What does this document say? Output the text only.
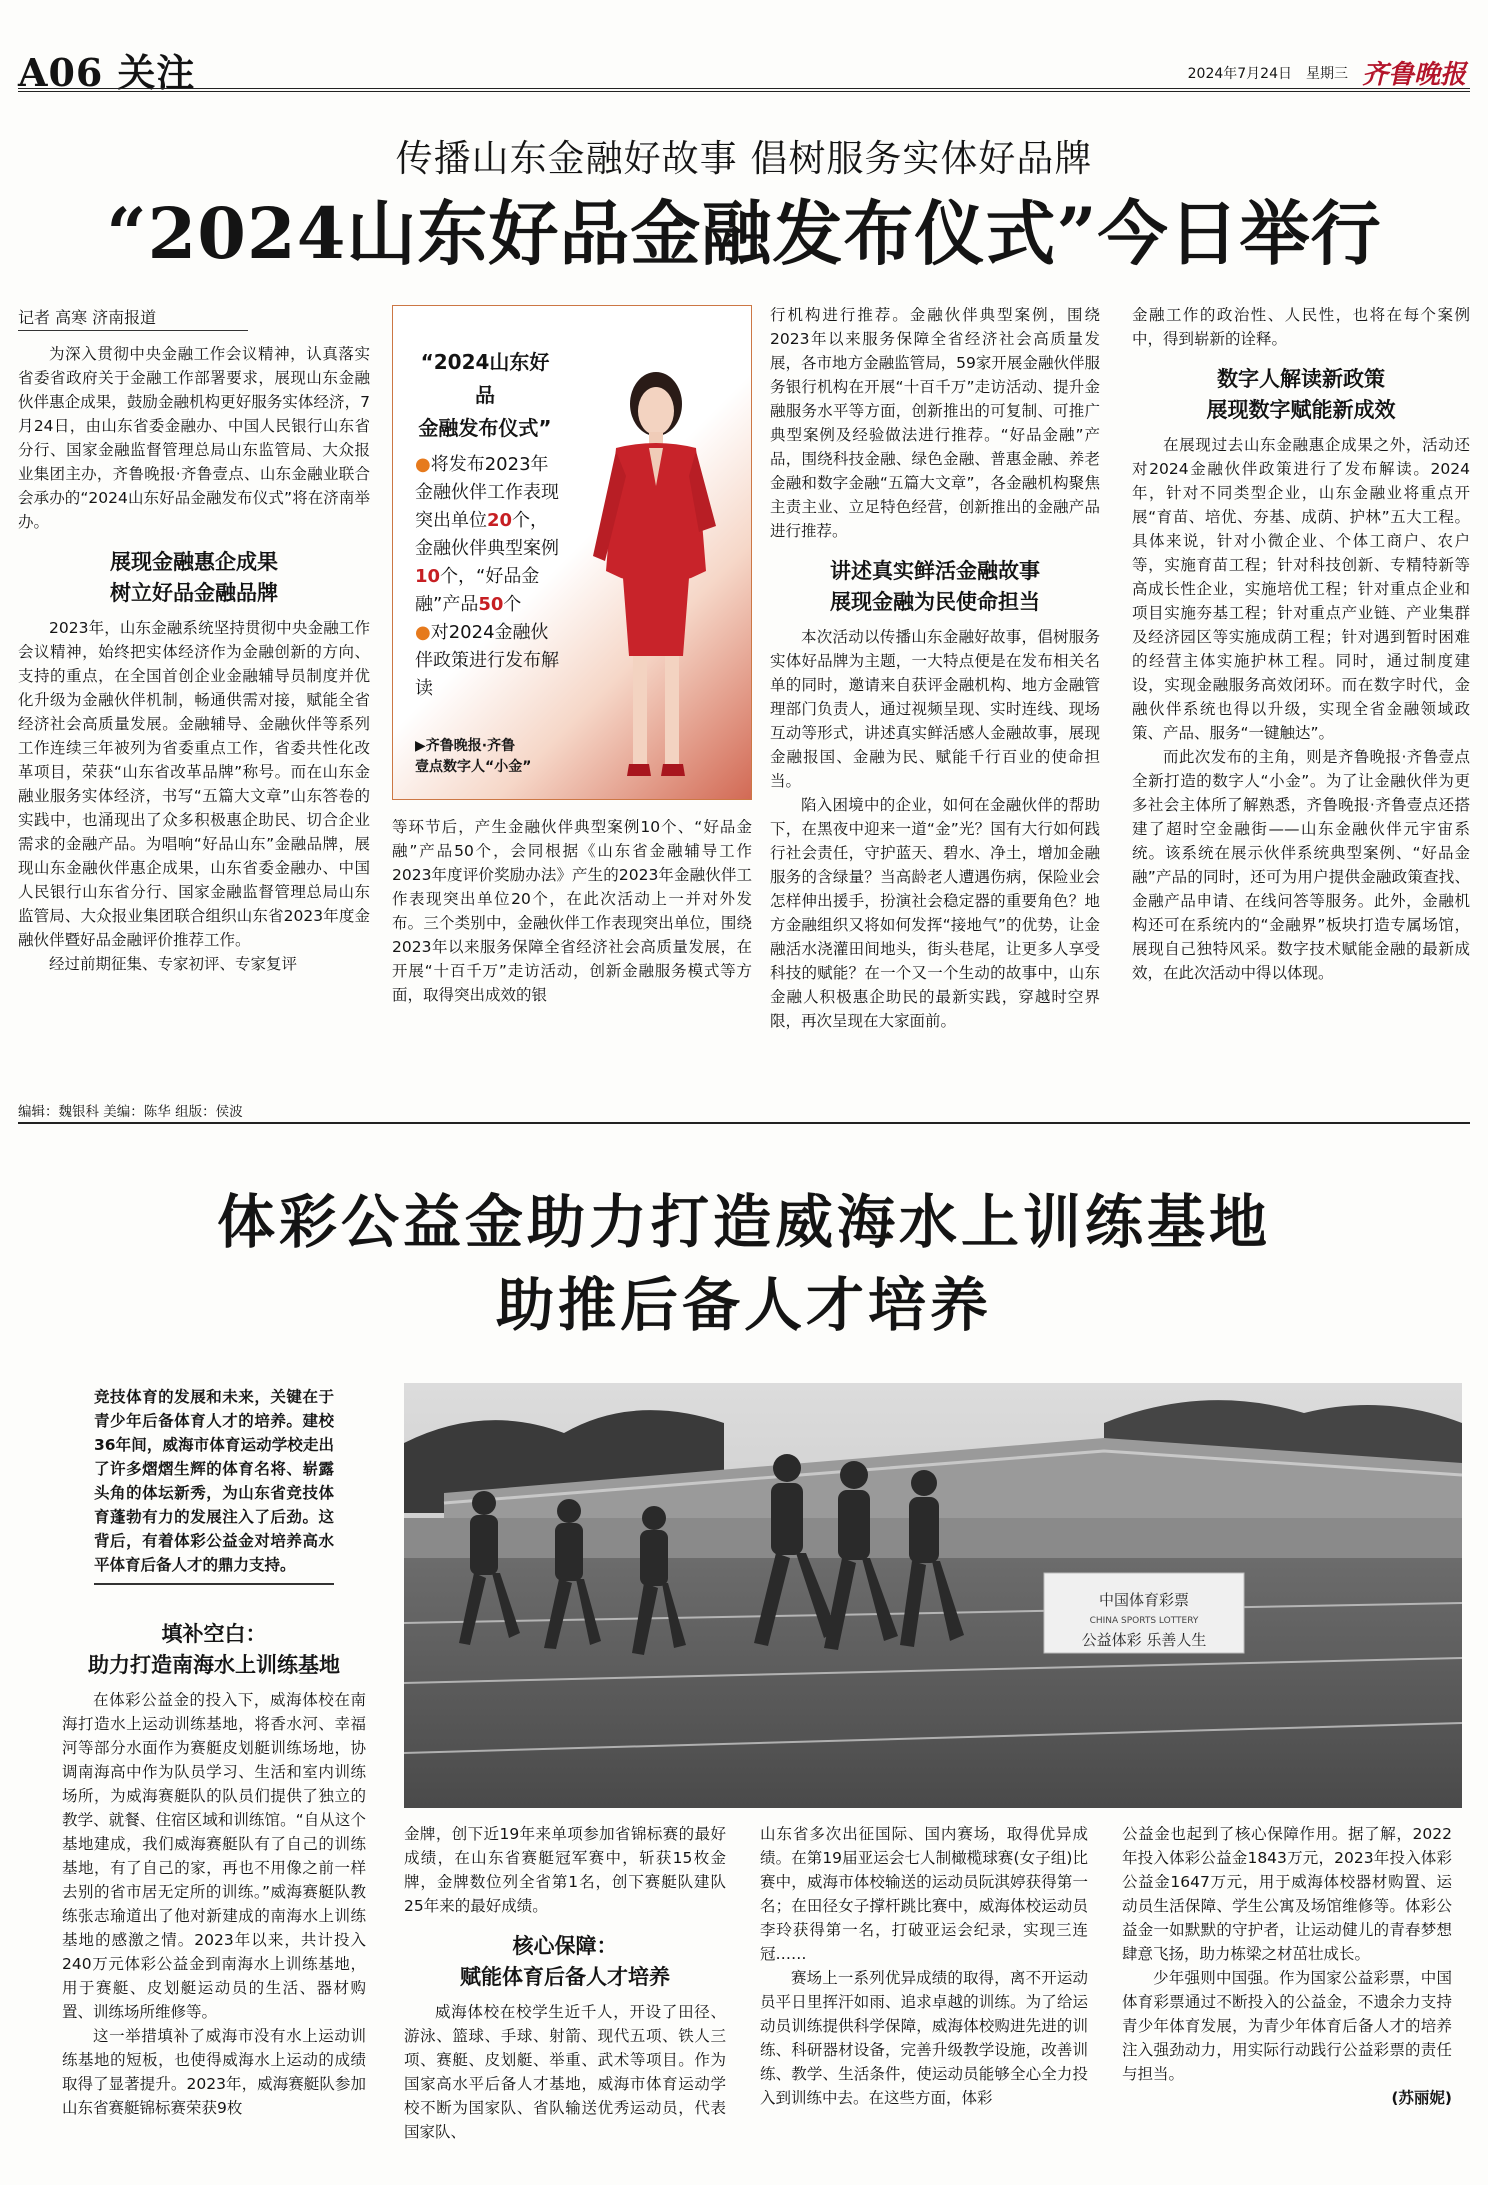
A06 关注	2024年7月24日 星期三 齐鲁晚报
传播山东金融好故事 倡树服务实体好品牌
“2024山东好品金融发布仪式”今日举行
记者 高寒 济南报道

为深入贯彻中央金融工作会议精神，认真落实省委省政府关于金融工作部署要求，展现山东金融伙伴惠企成果，鼓励金融机构更好服务实体经济，7月24日，由山东省委金融办、中国人民银行山东省分行、国家金融监督管理总局山东监管局、大众报业集团主办，齐鲁晚报·齐鲁壹点、山东金融业联合会承办的“2024山东好品金融发布仪式”将在济南举办。

展现金融惠企成果
树立好品金融品牌

2023年，山东金融系统坚持贯彻中央金融工作会议精神，始终把实体经济作为金融创新的方向、支持的重点，在全国首创企业金融辅导员制度并优化升级为金融伙伴机制，畅通供需对接，赋能全省经济社会高质量发展。金融辅导、金融伙伴等系列工作连续三年被列为省委重点工作，省委共性化改革项目，荣获“山东省改革品牌”称号。而在山东金融业服务实体经济，书写“五篇大文章”山东答卷的实践中，也涌现出了众多积极惠企助民、切合企业需求的金融产品。为唱响“好品山东”金融品牌，展现山东金融伙伴惠企成果，山东省委金融办、中国人民银行山东省分行、国家金融监督管理总局山东监管局、大众报业集团联合组织山东省2023年度金融伙伴暨好品金融评价推荐工作。

经过前期征集、专家初评、专家复评

“2024山东好品
金融发布仪式”
●将发布2023年金融伙伴工作表现突出单位20个，金融伙伴典型案例10个，“好品金融”产品50个
●对2024金融伙伴政策进行发布解读
▶齐鲁晚报·齐鲁
壹点数字人“小金”

等环节后，产生金融伙伴典型案例10个、“好品金融”产品50个，会同根据《山东省金融辅导工作2023年度评价奖励办法》产生的2023年金融伙伴工作表现突出单位20个，在此次活动上一并对外发布。三个类别中，金融伙伴工作表现突出单位，围绕2023年以来服务保障全省经济社会高质量发展，在开展“十百千万”走访活动，创新金融服务模式等方面，取得突出成效的银

行机构进行推荐。金融伙伴典型案例，围绕2023年以来服务保障全省经济社会高质量发展，各市地方金融监管局，59家开展金融伙伴服务银行机构在开展“十百千万”走访活动、提升金融服务水平等方面，创新推出的可复制、可推广典型案例及经验做法进行推荐。“好品金融”产品，围绕科技金融、绿色金融、普惠金融、养老金融和数字金融“五篇大文章”，各金融机构聚焦主责主业、立足特色经营，创新推出的金融产品进行推荐。

讲述真实鲜活金融故事
展现金融为民使命担当

本次活动以传播山东金融好故事，倡树服务实体好品牌为主题，一大特点便是在发布相关名单的同时，邀请来自获评金融机构、地方金融管理部门负责人，通过视频呈现、实时连线、现场互动等形式，讲述真实鲜活感人金融故事，展现金融报国、金融为民、赋能千行百业的使命担当。

陷入困境中的企业，如何在金融伙伴的帮助下，在黑夜中迎来一道“金”光？国有大行如何践行社会责任，守护蓝天、碧水、净土，增加金融服务的含绿量？当高龄老人遭遇伤病，保险业会怎样伸出援手，扮演社会稳定器的重要角色？地方金融组织又将如何发挥“接地气”的优势，让金融活水浇灌田间地头，街头巷尾，让更多人享受科技的赋能？在一个又一个生动的故事中，山东金融人积极惠企助民的最新实践，穿越时空界限，再次呈现在大家面前。

金融工作的政治性、人民性，也将在每个案例中，得到崭新的诠释。

数字人解读新政策
展现数字赋能新成效

在展现过去山东金融惠企成果之外，活动还对2024金融伙伴政策进行了发布解读。2024年，针对不同类型企业，山东金融业将重点开展“育苗、培优、夯基、成荫、护林”五大工程。具体来说，针对小微企业、个体工商户、农户等，实施育苗工程；针对科技创新、专精特新等高成长性企业，实施培优工程；针对重点企业和项目实施夯基工程；针对重点产业链、产业集群及经济园区等实施成荫工程；针对遇到暂时困难的经营主体实施护林工程。同时，通过制度建设，实现金融服务高效闭环。而在数字时代，金融伙伴系统也得以升级，实现全省金融领域政策、产品、服务“一键触达”。

而此次发布的主角，则是齐鲁晚报·齐鲁壹点全新打造的数字人“小金”。为了让金融伙伴为更多社会主体所了解熟悉，齐鲁晚报·齐鲁壹点还搭建了超时空金融街——山东金融伙伴元宇宙系统。该系统在展示伙伴系统典型案例、“好品金融”产品的同时，还可为用户提供金融政策查找、金融产品申请、在线问答等服务。此外，金融机构还可在系统内的“金融界”板块打造专属场馆，展现自己独特风采。数字技术赋能金融的最新成效，在此次活动中得以体现。

编辑：魏银科 美编：陈华 组版：侯波
体彩公益金助力打造威海水上训练基地
助推后备人才培养
竞技体育的发展和未来，关键在于青少年后备体育人才的培养。建校36年间，威海市体育运动学校走出了许多熠熠生辉的体育名将、崭露头角的体坛新秀，为山东省竞技体育蓬勃有力的发展注入了后劲。这背后，有着体彩公益金对培养高水平体育后备人才的鼎力支持。
中国体育彩票
CHINA SPORTS LOTTERY
公益体彩 乐善人生
填补空白：
助力打造南海水上训练基地

在体彩公益金的投入下，威海体校在南海打造水上运动训练基地，将香水河、幸福河等部分水面作为赛艇皮划艇训练场地，协调南海高中作为队员学习、生活和室内训练场所，为威海赛艇队的队员们提供了独立的教学、就餐、住宿区域和训练馆。“自从这个基地建成，我们威海赛艇队有了自己的训练基地，有了自己的家，再也不用像之前一样去别的省市居无定所的训练。”威海赛艇队教练张志瑜道出了他对新建成的南海水上训练基地的感激之情。2023年以来，共计投入240万元体彩公益金到南海水上训练基地，用于赛艇、皮划艇运动员的生活、器材购置、训练场所维修等。

这一举措填补了威海市没有水上运动训练基地的短板，也使得威海水上运动的成绩取得了显著提升。2023年，威海赛艇队参加山东省赛艇锦标赛荣获9枚

金牌，创下近19年来单项参加省锦标赛的最好成绩，在山东省赛艇冠军赛中，斩获15枚金牌，金牌数位列全省第1名，创下赛艇队建队25年来的最好成绩。

核心保障：
赋能体育后备人才培养

威海体校在校学生近千人，开设了田径、游泳、篮球、手球、射箭、现代五项、铁人三项、赛艇、皮划艇、举重、武术等项目。作为国家高水平后备人才基地，威海市体育运动学校不断为国家队、省队输送优秀运动员，代表国家队、

山东省多次出征国际、国内赛场，取得优异成绩。在第19届亚运会七人制橄榄球赛(女子组)比赛中，威海市体校输送的运动员阮淇婷获得第一名；在田径女子撑杆跳比赛中，威海体校运动员李玲获得第一名，打破亚运会纪录，实现三连冠……

赛场上一系列优异成绩的取得，离不开运动员平日里挥汗如雨、追求卓越的训练。为了给运动员训练提供科学保障，威海体校购进先进的训练、科研器材设备，完善升级教学设施，改善训练、教学、生活条件，使运动员能够全心全力投入到训练中去。在这些方面，体彩

公益金也起到了核心保障作用。据了解，2022年投入体彩公益金1843万元，2023年投入体彩公益金1647万元，用于威海体校器材购置、运动员生活保障、学生公寓及场馆维修等。体彩公益金一如默默的守护者，让运动健儿的青春梦想肆意飞扬，助力栋梁之材茁壮成长。

少年强则中国强。作为国家公益彩票，中国体育彩票通过不断投入的公益金，不遗余力支持青少年体育发展，为青少年体育后备人才的培养注入强劲动力，用实际行动践行公益彩票的责任与担当。

(苏丽妮)
